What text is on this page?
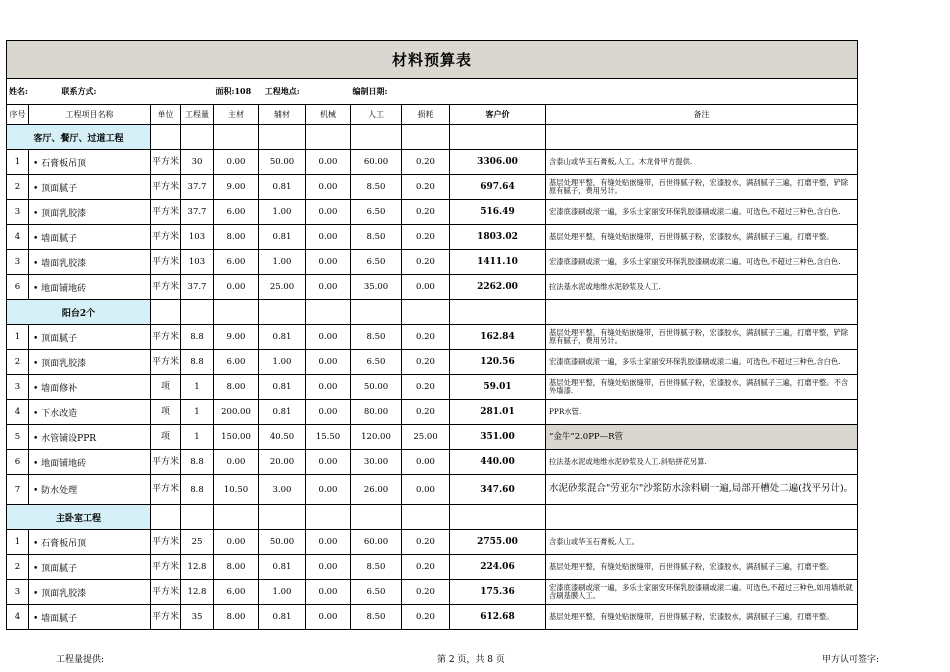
材料预算表										
姓名: 联系方式:				面积:108 工程地点:			编制日期:			
序号	工程项目名称	单位	工程量	主材	辅材	机械	人工	损耗	客户价	备注
客厅、餐厅、过道工程										
1	• 石膏板吊顶	平方米	30	0.00	50.00	0.00	60.00	0.20	3306.00	含泰山或华玉石膏板,人工。木龙骨甲方提供.
2	• 顶面腻子	平方米	37.7	9.00	0.81	0.00	8.50	0.20	697.64	基层处理平整，有缝处贴嵌缝带，百世得腻子粉，宏漆胶水，满刮腻子三遍，打磨平整，铲除原有腻子，费用另计。
3	• 顶面乳胶漆	平方米	37.7	6.00	1.00	0.00	6.50	0.20	516.49	宏漆底漆刷或滚一遍，多乐士家丽安环保乳胶漆刷或滚二遍。可选色,不超过三种色,含白色.
4	• 墙面腻子	平方米	103	8.00	0.81	0.00	8.50	0.20	1803.02	基层处理平整，有缝处贴嵌缝带，百世得腻子粉，宏漆胶水，满刮腻子三遍，打磨平整。
3	• 墙面乳胶漆	平方米	103	6.00	1.00	0.00	6.50	0.20	1411.10	宏漆底漆刷或滚一遍，多乐士家丽安环保乳胶漆刷或滚二遍。可选色,不超过三种色,含白色.
6	• 地面铺地砖	平方米	37.7	0.00	25.00	0.00	35.00	0.00	2262.00	拉法基水泥或地维水泥砂浆及人工.
阳台2个										
1	• 顶面腻子	平方米	8.8	9.00	0.81	0.00	8.50	0.20	162.84	基层处理平整，有缝处贴嵌缝带，百世得腻子粉，宏漆胶水，满刮腻子三遍，打磨平整，铲除原有腻子，费用另计。
2	• 顶面乳胶漆	平方米	8.8	6.00	1.00	0.00	6.50	0.20	120.56	宏漆底漆刷或滚一遍，多乐士家丽安环保乳胶漆刷或滚二遍。可选色,不超过三种色,含白色.
3	• 墙面修补	项	1	8.00	0.81	0.00	50.00	0.20	59.01	基层处理平整，有缝处贴嵌缝带，百世得腻子粉，宏漆胶水，满刮腻子三遍，打磨平整。不含外墙漆.
4	• 下水改造	项	1	200.00	0.81	0.00	80.00	0.20	281.01	PPR水管.
5	• 水管铺设PPR	项	1	150.00	40.50	15.50	120.00	25.00	351.00	“金牛”2.0PP—R管
6	• 地面铺地砖	平方米	8.8	0.00	20.00	0.00	30.00	0.00	440.00	拉法基水泥或地维水泥砂浆及人工.斜贴拼花另算.
7	• 防水处理	平方米	8.8	10.50	3.00	0.00	26.00	0.00	347.60	水泥砂浆混合"劳亚尔"沙浆防水涂料刷一遍,局部开槽处二遍(找平另计)。
主卧室工程										
1	• 石膏板吊顶	平方米	25	0.00	50.00	0.00	60.00	0.20	2755.00	含泰山或华玉石膏板,人工。
2	• 顶面腻子	平方米	12.8	8.00	0.81	0.00	8.50	0.20	224.06	基层处理平整，有缝处贴嵌缝带，百世得腻子粉，宏漆胶水，满刮腻子三遍，打磨平整。
3	• 顶面乳胶漆	平方米	12.8	6.00	1.00	0.00	6.50	0.20	175.36	宏漆底漆刷或滚一遍，多乐士家丽安环保乳胶漆刷或滚二遍。可选色,不超过三种色,如用墙纸就含刷基膜人工。
4	• 墙面腻子	平方米	35	8.00	0.81	0.00	8.50	0.20	612.68	基层处理平整，有缝处贴嵌缝带，百世得腻子粉，宏漆胶水，满刮腻子三遍，打磨平整。
工程量提供:	第 2 页，共 8 页	甲方认可签字:
